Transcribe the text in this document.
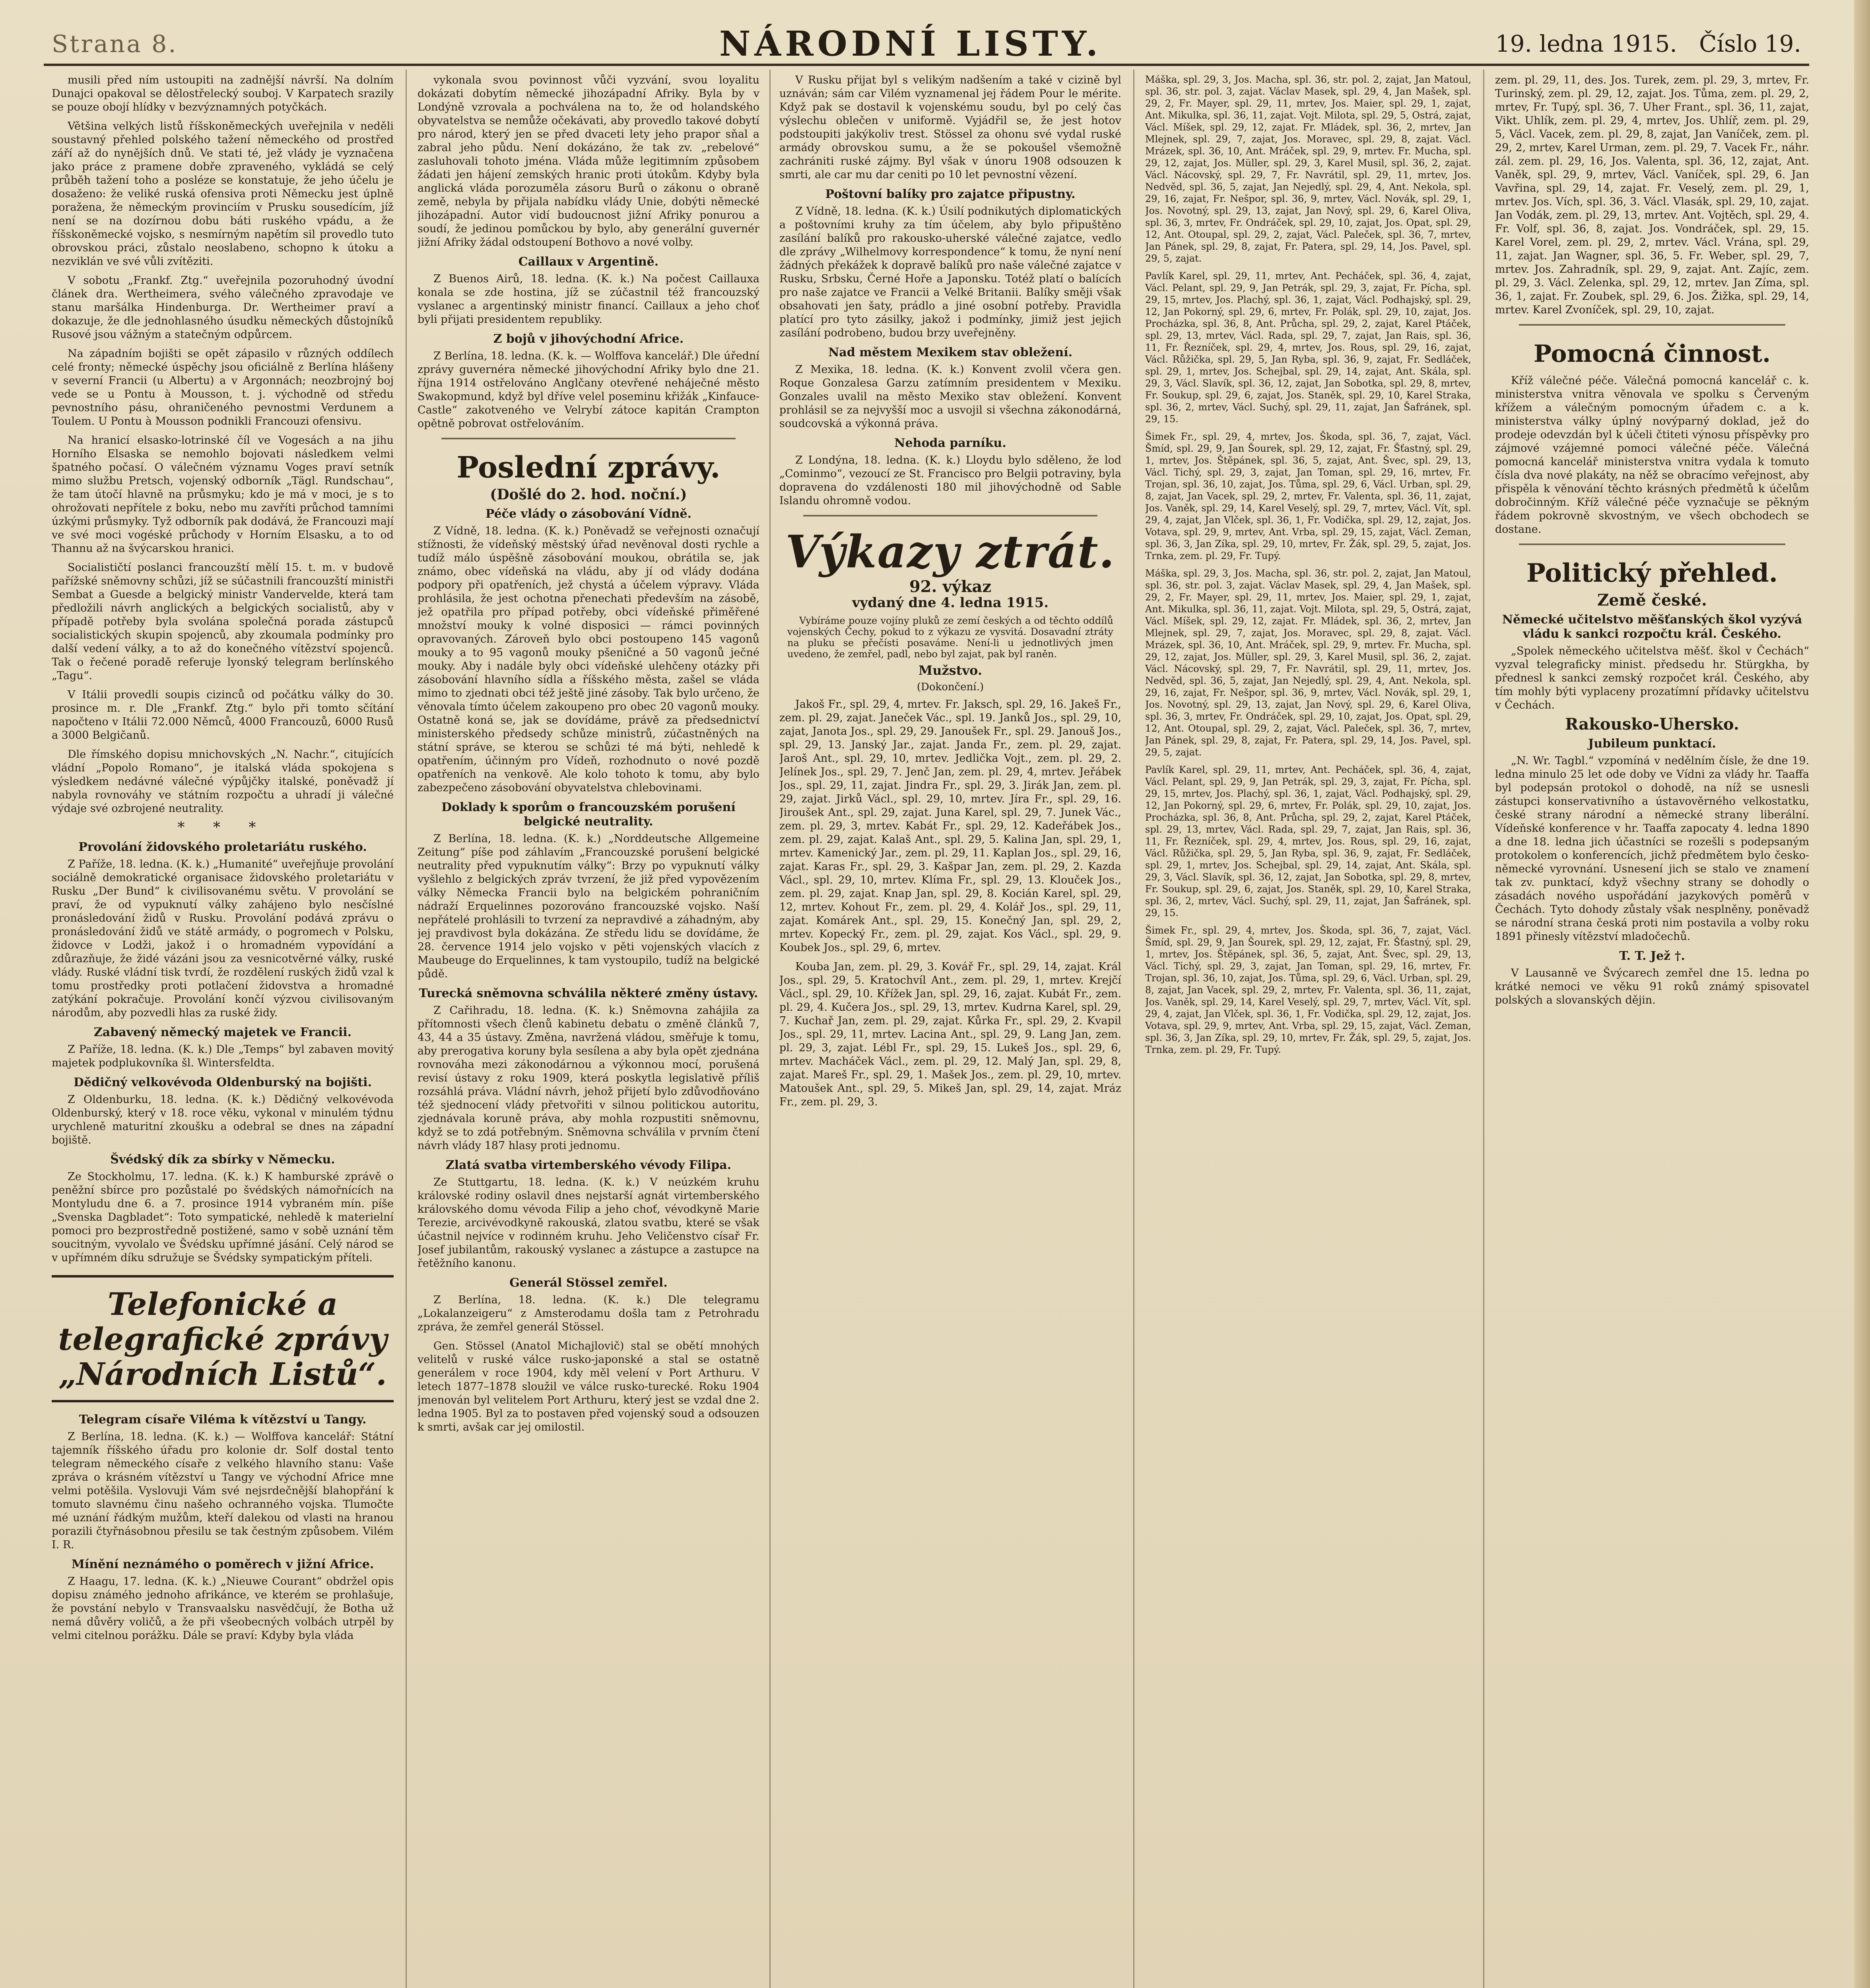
Strana 8.	NÁRODNÍ LISTY.	19. ledna 1915. Číslo 19.

musili před ním ustoupiti na zadnější návrší. Na dolním Dunajci opakoval se dělostřelecký souboj. V Karpatech srazily se pouze obojí hlídky v bezvýznamných potyčkách.

Většina velkých listů říšskoněmeckých uveřejnila v neděli soustavný přehled polského tažení německého od prostřed září až do nynějších dnů. Ve stati té, jež vlády je vyznačena jako práce z pramene dobře zpraveného, vykládá se celý průběh tažení toho a posléze se konstatuje, že jeho účelu je dosaženo: že veliké ruská ofensiva proti Německu jest úplně poražena, že německým provinciím v Prusku sousedícím, jíž není se na dozírnou dobu báti ruského vpádu, a že říšskoněmecké vojsko, s nesmírným napětím sil provedlo tuto obrovskou práci, zůstalo neoslabeno, schopno k útoku a nezviklán ve své vůli zvítěziti.

V sobotu „Frankf. Ztg.“ uveřejnila pozoruhodný úvodní článek dra. Wertheimera, svého válečného zpravodaje ve stanu maršálka Hindenburga. Dr. Wertheimer praví a dokazuje, že dle jednohlasného úsudku německých důstojníků Rusové jsou vážným a statečným odpůrcem.

Na západním bojišti se opět zápasilo v různých oddílech celé fronty; německé úspěchy jsou oficiálně z Berlína hlášeny v severní Francii (u Albertu) a v Argonnách; neozbrojný boj vede se u Pontu à Mousson, t. j. východně od středu pevnostního pásu, ohraničeného pevnostmi Verdunem a Toulem. U Pontu à Mousson podnikli Francouzi ofensivu.

Na hranicí elsasko-lotrinské číl ve Vogesách a na jihu Horního Elsaska se nemohlo bojovati následkem velmi špatného počasí. O válečném významu Voges praví setník mimo službu Pretsch, vojenský odborník „Tägl. Rundschau“, že tam útočí hlavně na průsmyku; kdo je má v moci, je s to ohrožovati nepřítele z boku, nebo mu zavříti průchod tamními úzkými průsmyky. Tyž odborník pak dodává, že Francouzi mají ve své moci vogéské průchody v Horním Elsasku, a to od Thannu až na švýcarskou hranici.

Socialističtí poslanci francouzští mělí 15. t. m. v budově pařížské sněmovny schůzi, jíž se súčastnili francouzští ministři Sembat a Guesde a belgický ministr Vandervelde, která tam předložili návrh anglických a belgických socialistů, aby v případě potřeby byla svolána společná porada zástupců socialistických skupin spojenců, aby zkoumala podmínky pro další vedení války, a to až do konečného vítězství spojenců. Tak o řečené poradě referuje lyonský telegram berlínského „Tagu“.

V Itálii provedli soupis cizinců od počátku války do 30. prosince m. r. Dle „Frankf. Ztg.“ bylo při tomto sčítání napočteno v Itálii 72.000 Němců, 4000 Francouzů, 6000 Rusů a 3000 Belgičanů.

Dle římského dopisu mnichovských „N. Nachr.“, citujících vládní „Popolo Romano“, je italská vláda spokojena s výsledkem nedávné válečné výpůjčky italské, poněvadž jí nabyla rovnováhy ve státním rozpočtu a uhradí ji válečné výdaje své ozbrojené neutrality.

* * *
Provolání židovského proletariátu ruského.

Z Paříže, 18. ledna. (K. k.) „Humanité“ uveřejňuje provolání sociálně demokratické organisace židovského proletariátu v Rusku „Der Bund“ k civilisovanému světu. V provolání se praví, že od vypuknutí války zahájeno bylo nesčíslné pronásledování židů v Rusku. Provolání podává zprávu o pronásledování židů ve státě armády, o pogromech v Polsku, židovce v Lodži, jakož i o hromadném vypovídání a zdůrazňuje, že židé vázáni jsou za vesnicotvěrné války, ruské vlády. Ruské vládní tisk tvrdí, že rozdělení ruských židů vzal k tomu prostředky proti potlačení židovstva a hromadné zatýkání pokračuje. Provolání končí výzvou civilisovaným národům, aby pozvedli hlas za ruské židy.

Zabavený německý majetek ve Francii.

Z Paříže, 18. ledna. (K. k.) Dle „Temps“ byl zabaven movitý majetek podplukovníka šl. Wintersfeldta.

Dědičný velkovévoda Oldenburský na bojišti.

Z Oldenburku, 18. ledna. (K. k.) Dědičný velkovévoda Oldenburský, který v 18. roce věku, vykonal v minulém týdnu urychleně maturitní zkoušku a odebral se dnes na západní bojiště.

Švédský dík za sbírky v Německu.

Ze Stockholmu, 17. ledna. (K. k.) K hamburské zprávě o peněžní sbírce pro pozůstalé po švédských námořnících na Montyludu dne 6. a 7. prosince 1914 vybraném mín. píše „Svenska Dagbladet“: Toto sympatické, nehledě k materielní pomoci pro bezprostředně postižené, samo v sobě uznání těm soucitným, vyvolalo ve Švédsku upřímné jásání. Celý národ se v upřímném díku sdružuje se Švédsky sympatickým příteli.

Telefonické a telegrafické zprávy „Národních Listů“.
Telegram císaře Viléma k vítězství u Tangy.

Z Berlína, 18. ledna. (K. k.) — Wolffova kancelář: Státní tajemník říšského úřadu pro kolonie dr. Solf dostal tento telegram německého císaře z velkého hlavního stanu: Vaše zpráva o krásném vítězství u Tangy ve východní Africe mne velmi potěšila. Vyslovuji Vám své nejsrdečnější blahopřání k tomuto slavnému činu našeho ochranného vojska. Tlumočte mé uznání řádkým mužům, kteří dalekou od vlasti na hranou porazili čtyřnásobnou přesilu se tak čestným způsobem. Vilém I. R.

Mínění neznámého o poměrech v jižní Africe.

Z Haagu, 17. ledna. (K. k.) „Nieuwe Courant“ obdržel opis dopisu známého jednoho afrikánce, ve kterém se prohlašuje, že povstání nebylo v Transvaalsku nasvědčují, že Botha už nemá důvěry voličů, a že při všeobecných volbách utrpěl by velmi citelnou porážku. Dále se praví: Kdyby byla vláda

vykonala svou povinnost vůči vyzvání, svou loyalitu dokázati dobytím německé jihozápadní Afriky. Byla by v Londýně vzrovala a pochválena na to, že od holandského obyvatelstva se nemůže očekávati, aby provedlo takové dobytí pro národ, který jen se před dvaceti lety jeho prapor sňal a zabral jeho půdu. Není dokázáno, že tak zv. „rebelové“ zasluhovali tohoto jména. Vláda může legitimním způsobem žádati jen hájení zemských hranic proti útokům. Kdyby byla anglická vláda porozuměla zásoru Burů o zákonu o obraně země, nebyla by přijala nabídku vlády Unie, dobýti německé jihozápadní. Autor vidí budoucnost jižní Afriky ponurou a soudí, že jedinou pomůckou by bylo, aby generální guvernér jižní Afriky žádal odstoupení Bothovo a nové volby.

Caillaux v Argentině.

Z Buenos Airů, 18. ledna. (K. k.) Na počest Caillauxa konala se zde hostina, jíž se zúčastnil též francouzský vyslanec a argentinský ministr financí. Caillaux a jeho choť byli přijati presidentem republiky.

Z bojů v jihovýchodní Africe.

Z Berlína, 18. ledna. (K. k. — Wolffova kancelář.) Dle úřední zprávy guvernéra německé jihovýchodní Afriky bylo dne 21. října 1914 ostřelováno Anglčany otevřené neháječné město Swakopmund, když byl dříve velel poseminu křižák „Kinfauce-Castle“ zakotveného ve Velrybí zátoce kapitán Crampton opětně pobrovat ostřelováním.

Poslední zprávy.
(Došlé do 2. hod. noční.)
Péče vlády o zásobování Vídně.

Z Vídně, 18. ledna. (K. k.) Poněvadž se veřejnosti označují stížnosti, že vídeňský městský úřad nevěnoval dosti rychle a tudíž málo úspěšně zásobování moukou, obrátila se, jak známo, obec vídeňská na vládu, aby jí od vlády dodána podpory při opatřeních, jež chystá a účelem výpravy. Vláda prohlásila, že jest ochotna přenechati především na zásobě, jež opatřila pro případ potřeby, obci vídeňské přiměřené množství mouky k volné disposici — rámci povinných opravovaných. Zároveň bylo obci postoupeno 145 vagonů mouky a to 95 vagonů mouky pšeničné a 50 vagonů ječné mouky. Aby i nadále byly obci vídeňské ulehčeny otázky při zásobování hlavního sídla a říšského města, zašel se vláda mimo to zjednati obci též ještě jiné zásoby. Tak bylo určeno, že věnovala tímto účelem zakoupeno pro obec 20 vagonů mouky. Ostatně koná se, jak se dovídáme, právě za předsednictví ministerského předsedy schůze ministrů, zúčastněných na státní správe, se kterou se schůzi té má býti, nehledě k opatřením, účinným pro Vídeň, rozhodnuto o nové pozdě opatřeních na venkově. Ale kolo tohoto k tomu, aby bylo zabezpečeno zásobování obyvatelstva chlebovinami.

Doklady k sporům o francouzském porušení belgické neutrality.

Z Berlína, 18. ledna. (K. k.) „Norddeutsche Allgemeine Zeitung“ píše pod záhlavím „Francouzské porušení belgické neutrality před vypuknutím války“: Brzy po vypuknutí války vyšlehlo z belgických zpráv tvrzení, že již před vypovězením války Německa Francii bylo na belgickém pohraničním nádraží Erquelinnes pozorováno francouzské vojsko. Naší nepřátelé prohlásili to tvrzení za nepravdivé a záhadným, aby jej pravdivost byla dokázána. Ze středu lidu se dovídáme, že 28. července 1914 jelo vojsko v pěti vojenských vlacích z Maubeuge do Erquelinnes, k tam vystoupilo, tudíž na belgické půdě.

Turecká sněmovna schválila některé změny ústavy.

Z Cařihradu, 18. ledna. (K. k.) Sněmovna zahájila za přítomnosti všech členů kabinetu debatu o změně článků 7, 43, 44 a 35 ústavy. Změna, navržená vládou, směřuje k tomu, aby prerogativa koruny byla sesílena a aby byla opět zjednána rovnováha mezi zákonodárnou a výkonnou mocí, porušená revisí ústavy z roku 1909, která poskytla legislativě příliš rozsáhlá práva. Vládní návrh, jehož přijetí bylo zdůvodňováno též sjednocení vlády přetvořiti v silnou politickou autoritu, zjednávala koruně práva, aby mohla rozpustiti sněmovnu, když se to zdá potřebným. Sněmovna schválila v prvním čtení návrh vlády 187 hlasy proti jednomu.

Zlatá svatba virtemberského vévody Filipa.

Ze Stuttgartu, 18. ledna. (K. k.) V neúzkém kruhu královské rodiny oslavil dnes nejstarší agnát virtemberského královského domu vévoda Filip a jeho choť, vévodkyně Marie Terezie, arcivévodkyně rakouská, zlatou svatbu, které se však účastnil nejvíce v rodinném kruhu. Jeho Veličenstvo císař Fr. Josef jubilantům, rakouský vyslanec a zástupce a zastupce na řetěžního kanonu.

Generál Stössel zemřel.

Z Berlína, 18. ledna. (K. k.) Dle telegramu „Lokalanzeigeru“ z Amsterodamu došla tam z Petrohradu zpráva, že zemřel generál Stössel.

Gen. Stössel (Anatol Michajlovič) stal se obětí mnohých velitelů v ruské válce rusko-japonské a stal se ostatně generálem v roce 1904, kdy měl velení v Port Arthuru. V letech 1877–1878 sloužil ve válce rusko-turecké. Roku 1904 jmenován byl velitelem Port Arthuru, který jest se vzdal dne 2. ledna 1905. Byl za to postaven před vojenský soud a odsouzen k smrti, avšak car jej omilostil.

V Rusku přijat byl s velikým nadšením a také v cizině byl uznáván; sám car Vilém vyznamenal jej řádem Pour le mérite. Když pak se dostavil k vojenskému soudu, byl po celý čas výslechu oblečen v uniformě. Vyjádřil se, že jest hotov podstoupiti jakýkoliv trest. Stössel za ohonu své vydal ruské armády obrovskou sumu, a že se pokoušel všemožně zachrániti ruské zájmy. Byl však v únoru 1908 odsouzen k smrti, ale car mu dar ceniti po 10 let pevnostní vězení.

Poštovní balíky pro zajatce připustny.

Z Vídně, 18. ledna. (K. k.) Úsilí podnikutých diplomatických a poštovními kruhy za tím účelem, aby bylo připuštěno zasílání balíků pro rakousko-uherské válečné zajatce, vedlo dle zprávy „Wilhelmovy korrespondence“ k tomu, že nyní není žádných překážek k dopravě balíků pro naše válečné zajatce v Rusku, Srbsku, Černé Hoře a Japonsku. Totéž platí o balících pro naše zajatce ve Francii a Velké Britanii. Balíky směji však obsahovati jen šaty, prádlo a jiné osobní potřeby. Pravidla platící pro tyto zásilky, jakož i podmínky, jimiž jest jejich zasílání podrobeno, budou brzy uveřejněny.

Nad městem Mexikem stav obležení.

Z Mexika, 18. ledna. (K. k.) Konvent zvolil včera gen. Roque Gonzalesa Garzu zatímním presidentem v Mexiku. Gonzales uvalil na město Mexiko stav obležení. Konvent prohlásil se za nejvyšší moc a usvojil si všechna zákonodárná, soudcovská a výkonná práva.

Nehoda parníku.

Z Londýna, 18. ledna. (K. k.) Lloydu bylo sděleno, že loď „Cominmo“, vezoucí ze St. Francisco pro Belgii potraviny, byla dopravena do vzdálenosti 180 mil jihovýchodně od Sable Islandu ohromně vodou.

Výkazy ztrát.
92. výkaz
vydaný dne 4. ledna 1915.
Vybíráme pouze vojíny pluků ze zemí českých a od těchto oddílů vojenských Čechy, pokud to z výkazu ze vysvitá. Dosavadní ztráty na pluku se přečísti posaváme. Není-li u jednotlivých jmen uvedeno, že zemřel, padl, nebo byl zajat, pak byl raněn.
Mužstvo.
(Dokončení.)

Jakoš Fr., spl. 29, 4, mrtev. Fr. Jaksch, spl. 29, 16. Jakeš Fr., zem. pl. 29, zajat. Janeček Vác., spl. 19. Janků Jos., spl. 29, 10, zajat, Janota Jos., spl. 29, 29. Janoušek Fr., spl. 29. Janouš Jos., spl. 29, 13. Janský Jar., zajat. Janda Fr., zem. pl. 29, zajat. Jaroš Ant., spl. 29, 10, mrtev. Jedlička Vojt., zem. pl. 29, 2. Jelínek Jos., spl. 29, 7. Jenč Jan, zem. pl. 29, 4, mrtev. Jeřábek Jos., spl. 29, 11, zajat. Jindra Fr., spl. 29, 3. Jirák Jan, zem. pl. 29, zajat. Jirků Václ., spl. 29, 10, mrtev. Jíra Fr., spl. 29, 16. Jiroušek Ant., spl. 29, zajat. Juna Karel, spl. 29, 7. Junek Vác., zem. pl. 29, 3, mrtev. Kabát Fr., spl. 29, 12. Kadeřábek Jos., zem. pl. 29, zajat. Kalaš Ant., spl. 29, 5. Kalina Jan, spl. 29, 1, mrtev. Kamenický Jar., zem. pl. 29, 11. Kaplan Jos., spl. 29, 16, zajat. Karas Fr., spl. 29, 3. Kašpar Jan, zem. pl. 29, 2. Kazda Václ., spl. 29, 10, mrtev. Klíma Fr., spl. 29, 13. Klouček Jos., zem. pl. 29, zajat. Knap Jan, spl. 29, 8. Kocián Karel, spl. 29, 12, mrtev. Kohout Fr., zem. pl. 29, 4. Kolář Jos., spl. 29, 11, zajat. Komárek Ant., spl. 29, 15. Konečný Jan, spl. 29, 2, mrtev. Kopecký Fr., zem. pl. 29, zajat. Kos Václ., spl. 29, 9. Koubek Jos., spl. 29, 6, mrtev.

Kouba Jan, zem. pl. 29, 3. Kovář Fr., spl. 29, 14, zajat. Král Jos., spl. 29, 5. Kratochvíl Ant., zem. pl. 29, 1, mrtev. Krejčí Václ., spl. 29, 10. Křížek Jan, spl. 29, 16, zajat. Kubát Fr., zem. pl. 29, 4. Kučera Jos., spl. 29, 13, mrtev. Kudrna Karel, spl. 29, 7. Kuchař Jan, zem. pl. 29, zajat. Kůrka Fr., spl. 29, 2. Kvapil Jos., spl. 29, 11, mrtev. Lacina Ant., spl. 29, 9. Lang Jan, zem. pl. 29, 3, zajat. Lébl Fr., spl. 29, 15. Lukeš Jos., spl. 29, 6, mrtev. Macháček Václ., zem. pl. 29, 12. Malý Jan, spl. 29, 8, zajat. Mareš Fr., spl. 29, 1. Mašek Jos., zem. pl. 29, 10, mrtev. Matoušek Ant., spl. 29, 5. Mikeš Jan, spl. 29, 14, zajat. Mráz Fr., zem. pl. 29, 3.

Máška, spl. 29, 3, Jos. Macha, spl. 36, str. pol. 2, zajat, Jan Matoul, spl. 36, str. pol. 3, zajat. Václav Masek, spl. 29, 4, Jan Mašek, spl. 29, 2, Fr. Mayer, spl. 29, 11, mrtev, Jos. Maier, spl. 29, 1, zajat, Ant. Mikulka, spl. 36, 11, zajat. Vojt. Milota, spl. 29, 5, Ostrá, zajat, Václ. Míšek, spl. 29, 12, zajat. Fr. Mládek, spl. 36, 2, mrtev, Jan Mlejnek, spl. 29, 7, zajat, Jos. Moravec, spl. 29, 8, zajat. Václ. Mrázek, spl. 36, 10, Ant. Mráček, spl. 29, 9, mrtev. Fr. Mucha, spl. 29, 12, zajat, Jos. Müller, spl. 29, 3, Karel Musil, spl. 36, 2, zajat. Václ. Nácovský, spl. 29, 7, Fr. Navrátil, spl. 29, 11, mrtev, Jos. Nedvěd, spl. 36, 5, zajat, Jan Nejedlý, spl. 29, 4, Ant. Nekola, spl. 29, 16, zajat, Fr. Nešpor, spl. 36, 9, mrtev, Václ. Novák, spl. 29, 1, Jos. Novotný, spl. 29, 13, zajat, Jan Nový, spl. 29, 6, Karel Oliva, spl. 36, 3, mrtev, Fr. Ondráček, spl. 29, 10, zajat, Jos. Opat, spl. 29, 12, Ant. Otoupal, spl. 29, 2, zajat, Václ. Paleček, spl. 36, 7, mrtev, Jan Pánek, spl. 29, 8, zajat, Fr. Patera, spl. 29, 14, Jos. Pavel, spl. 29, 5, zajat.

Pavlík Karel, spl. 29, 11, mrtev, Ant. Pecháček, spl. 36, 4, zajat, Václ. Pelant, spl. 29, 9, Jan Petrák, spl. 29, 3, zajat, Fr. Pícha, spl. 29, 15, mrtev, Jos. Plachý, spl. 36, 1, zajat, Václ. Podhajský, spl. 29, 12, Jan Pokorný, spl. 29, 6, mrtev, Fr. Polák, spl. 29, 10, zajat, Jos. Procházka, spl. 36, 8, Ant. Průcha, spl. 29, 2, zajat, Karel Ptáček, spl. 29, 13, mrtev, Václ. Rada, spl. 29, 7, zajat, Jan Rais, spl. 36, 11, Fr. Řezníček, spl. 29, 4, mrtev, Jos. Rous, spl. 29, 16, zajat, Václ. Růžička, spl. 29, 5, Jan Ryba, spl. 36, 9, zajat, Fr. Sedláček, spl. 29, 1, mrtev, Jos. Schejbal, spl. 29, 14, zajat, Ant. Skála, spl. 29, 3, Václ. Slavík, spl. 36, 12, zajat, Jan Sobotka, spl. 29, 8, mrtev, Fr. Soukup, spl. 29, 6, zajat, Jos. Staněk, spl. 29, 10, Karel Straka, spl. 36, 2, mrtev, Václ. Suchý, spl. 29, 11, zajat, Jan Šafránek, spl. 29, 15.

Šimek Fr., spl. 29, 4, mrtev, Jos. Škoda, spl. 36, 7, zajat, Václ. Šmíd, spl. 29, 9, Jan Šourek, spl. 29, 12, zajat, Fr. Šťastný, spl. 29, 1, mrtev, Jos. Štěpánek, spl. 36, 5, zajat, Ant. Švec, spl. 29, 13, Václ. Tichý, spl. 29, 3, zajat, Jan Toman, spl. 29, 16, mrtev, Fr. Trojan, spl. 36, 10, zajat, Jos. Tůma, spl. 29, 6, Václ. Urban, spl. 29, 8, zajat, Jan Vacek, spl. 29, 2, mrtev, Fr. Valenta, spl. 36, 11, zajat, Jos. Vaněk, spl. 29, 14, Karel Veselý, spl. 29, 7, mrtev, Václ. Vít, spl. 29, 4, zajat, Jan Vlček, spl. 36, 1, Fr. Vodička, spl. 29, 12, zajat, Jos. Votava, spl. 29, 9, mrtev, Ant. Vrba, spl. 29, 15, zajat, Václ. Zeman, spl. 36, 3, Jan Zíka, spl. 29, 10, mrtev, Fr. Žák, spl. 29, 5, zajat, Jos. Trnka, zem. pl. 29, Fr. Tupý.

Máška, spl. 29, 3, Jos. Macha, spl. 36, str. pol. 2, zajat, Jan Matoul, spl. 36, str. pol. 3, zajat. Václav Masek, spl. 29, 4, Jan Mašek, spl. 29, 2, Fr. Mayer, spl. 29, 11, mrtev, Jos. Maier, spl. 29, 1, zajat, Ant. Mikulka, spl. 36, 11, zajat. Vojt. Milota, spl. 29, 5, Ostrá, zajat, Václ. Míšek, spl. 29, 12, zajat. Fr. Mládek, spl. 36, 2, mrtev, Jan Mlejnek, spl. 29, 7, zajat, Jos. Moravec, spl. 29, 8, zajat. Václ. Mrázek, spl. 36, 10, Ant. Mráček, spl. 29, 9, mrtev. Fr. Mucha, spl. 29, 12, zajat, Jos. Müller, spl. 29, 3, Karel Musil, spl. 36, 2, zajat. Václ. Nácovský, spl. 29, 7, Fr. Navrátil, spl. 29, 11, mrtev, Jos. Nedvěd, spl. 36, 5, zajat, Jan Nejedlý, spl. 29, 4, Ant. Nekola, spl. 29, 16, zajat, Fr. Nešpor, spl. 36, 9, mrtev, Václ. Novák, spl. 29, 1, Jos. Novotný, spl. 29, 13, zajat, Jan Nový, spl. 29, 6, Karel Oliva, spl. 36, 3, mrtev, Fr. Ondráček, spl. 29, 10, zajat, Jos. Opat, spl. 29, 12, Ant. Otoupal, spl. 29, 2, zajat, Václ. Paleček, spl. 36, 7, mrtev, Jan Pánek, spl. 29, 8, zajat, Fr. Patera, spl. 29, 14, Jos. Pavel, spl. 29, 5, zajat.

Pavlík Karel, spl. 29, 11, mrtev, Ant. Pecháček, spl. 36, 4, zajat, Václ. Pelant, spl. 29, 9, Jan Petrák, spl. 29, 3, zajat, Fr. Pícha, spl. 29, 15, mrtev, Jos. Plachý, spl. 36, 1, zajat, Václ. Podhajský, spl. 29, 12, Jan Pokorný, spl. 29, 6, mrtev, Fr. Polák, spl. 29, 10, zajat, Jos. Procházka, spl. 36, 8, Ant. Průcha, spl. 29, 2, zajat, Karel Ptáček, spl. 29, 13, mrtev, Václ. Rada, spl. 29, 7, zajat, Jan Rais, spl. 36, 11, Fr. Řezníček, spl. 29, 4, mrtev, Jos. Rous, spl. 29, 16, zajat, Václ. Růžička, spl. 29, 5, Jan Ryba, spl. 36, 9, zajat, Fr. Sedláček, spl. 29, 1, mrtev, Jos. Schejbal, spl. 29, 14, zajat, Ant. Skála, spl. 29, 3, Václ. Slavík, spl. 36, 12, zajat, Jan Sobotka, spl. 29, 8, mrtev, Fr. Soukup, spl. 29, 6, zajat, Jos. Staněk, spl. 29, 10, Karel Straka, spl. 36, 2, mrtev, Václ. Suchý, spl. 29, 11, zajat, Jan Šafránek, spl. 29, 15.

Šimek Fr., spl. 29, 4, mrtev, Jos. Škoda, spl. 36, 7, zajat, Václ. Šmíd, spl. 29, 9, Jan Šourek, spl. 29, 12, zajat, Fr. Šťastný, spl. 29, 1, mrtev, Jos. Štěpánek, spl. 36, 5, zajat, Ant. Švec, spl. 29, 13, Václ. Tichý, spl. 29, 3, zajat, Jan Toman, spl. 29, 16, mrtev, Fr. Trojan, spl. 36, 10, zajat, Jos. Tůma, spl. 29, 6, Václ. Urban, spl. 29, 8, zajat, Jan Vacek, spl. 29, 2, mrtev, Fr. Valenta, spl. 36, 11, zajat, Jos. Vaněk, spl. 29, 14, Karel Veselý, spl. 29, 7, mrtev, Václ. Vít, spl. 29, 4, zajat, Jan Vlček, spl. 36, 1, Fr. Vodička, spl. 29, 12, zajat, Jos. Votava, spl. 29, 9, mrtev, Ant. Vrba, spl. 29, 15, zajat, Václ. Zeman, spl. 36, 3, Jan Zíka, spl. 29, 10, mrtev, Fr. Žák, spl. 29, 5, zajat, Jos. Trnka, zem. pl. 29, Fr. Tupý.

zem. pl. 29, 11, des. Jos. Turek, zem. pl. 29, 3, mrtev, Fr. Turinský, zem. pl. 29, 12, zajat. Jos. Tůma, zem. pl. 29, 2, mrtev, Fr. Tupý, spl. 36, 7. Uher Frant., spl. 36, 11, zajat, Vikt. Uhlík, zem. pl. 29, 4, mrtev, Jos. Uhlíř, zem. pl. 29, 5, Václ. Vacek, zem. pl. 29, 8, zajat, Jan Vaníček, zem. pl. 29, 2, mrtev, Karel Urman, zem. pl. 29, 7. Vacek Fr., náhr. zál. zem. pl. 29, 16, Jos. Valenta, spl. 36, 12, zajat, Ant. Vaněk, spl. 29, 9, mrtev, Václ. Vaníček, spl. 29, 6. Jan Vavřina, spl. 29, 14, zajat. Fr. Veselý, zem. pl. 29, 1, mrtev. Jos. Vích, spl. 36, 3. Václ. Vlasák, spl. 29, 10, zajat. Jan Vodák, zem. pl. 29, 13, mrtev. Ant. Vojtěch, spl. 29, 4. Fr. Volf, spl. 36, 8, zajat. Jos. Vondráček, spl. 29, 15. Karel Vorel, zem. pl. 29, 2, mrtev. Václ. Vrána, spl. 29, 11, zajat. Jan Wagner, spl. 36, 5. Fr. Weber, spl. 29, 7, mrtev. Jos. Zahradník, spl. 29, 9, zajat. Ant. Zajíc, zem. pl. 29, 3. Václ. Zelenka, spl. 29, 12, mrtev. Jan Zíma, spl. 36, 1, zajat. Fr. Zoubek, spl. 29, 6. Jos. Žižka, spl. 29, 14, mrtev. Karel Zvoníček, spl. 29, 10, zajat.

Pomocná činnost.

Kříž válečné péče. Válečná pomocná kancelář c. k. ministerstva vnitra věnovala ve spolku s Červeným křížem a válečným pomocným úřadem c. a k. ministerstva války úplný novýparný doklad, jež do prodeje odevzdán byl k účeli čtiteti výnosu příspěvky pro zájmové vzájemné pomoci válečné péče. Válečná pomocná kancelář ministerstva vnitra vydala k tomuto čísla dva nové plakáty, na něž se obracímo veřejnost, aby přispěla k věnování těchto krásných předmětů k účelům dobročinným. Kříž válečné péče vyznačuje se pěkným řádem pokrovně skvostným, ve všech obchodech se dostane.

Politický přehled.
Země české.
Německé učitelstvo měšťanských škol vyzývá vládu k sankci rozpočtu král. Českého.

„Spolek německého učitelstva měšť. škol v Čechách“ vyzval telegraficky minist. předsedu hr. Stürgkha, by přednesl k sankci zemský rozpočet král. Českého, aby tím mohly býti vyplaceny prozatímní přídavky učitelstvu v Čechách.

Rakousko-Uhersko.
Jubileum punktací.

„N. Wr. Tagbl.“ vzpomíná v nedělním čísle, že dne 19. ledna minulo 25 let ode doby ve Vídni za vlády hr. Taaffa byl podepsán protokol o dohodě, na níž se usnesli zástupci konservativního a ústavověrného velkostatku, české strany národní a německé strany liberální. Vídeňské konference v hr. Taaffa zapocaty 4. ledna 1890 a dne 18. ledna jich účastníci se rozešli s podepsaným protokolem o konferencích, jichž předmětem bylo česko-německé vyrovnání. Usnesení jich se stalo ve znamení tak zv. punktací, když všechny strany se dohodly o zásadách nového uspořádání jazykových poměrů v Čechách. Tyto dohody zůstaly však nesplněny, poněvadž se národní strana česká proti nim postavila a volby roku 1891 přinesly vítězství mladočechů.

T. T. Jež †.

V Lausanně ve Švýcarech zemřel dne 15. ledna po krátké nemoci ve věku 91 roků známý spisovatel polských a slovanských dějin.
